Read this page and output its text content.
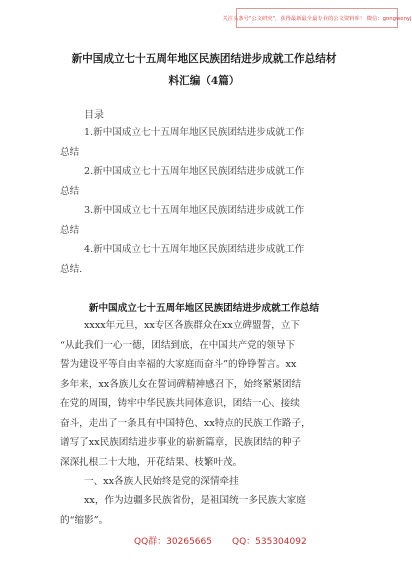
关注头条号"公文研究"，获得最新最全最专业的公文资料库！ 微信：gongwenyj
新中国成立七十五周年地区民族团结进步成就工作总结材
料汇编（4篇）

目录

1.新中国成立七十五周年地区民族团结进步成就工作
总结

2.新中国成立七十五周年地区民族团结进步成就工作
总结

3.新中国成立七十五周年地区民族团结进步成就工作
总结

4.新中国成立七十五周年地区民族团结进步成就工作
总结.

新中国成立七十五周年地区民族团结进步成就工作总结

xxxx年元旦，xx专区各族群众在xx立碑盟誓，立下
“从此我们一心一德，团结到底，在中国共产党的领导下
誓为建设平等自由幸福的大家庭而奋斗”的铮铮誓言。xx
多年来，xx各族儿女在誓词碑精神感召下，始终紧紧团结
在党的周围，铸牢中华民族共同体意识，团结一心、接续
奋斗，走出了一条具有中国特色、xx特点的民族工作路子，
谱写了xx民族团结进步事业的崭新篇章，民族团结的种子
深深扎根二十大地，开花结果、枝繁叶茂。

一、xx各族人民始终是党的深情牵挂

xx，作为边疆多民族省份，是祖国统一多民族大家庭
的“缩影”。

QQ群：30265665 QQ：535304092
